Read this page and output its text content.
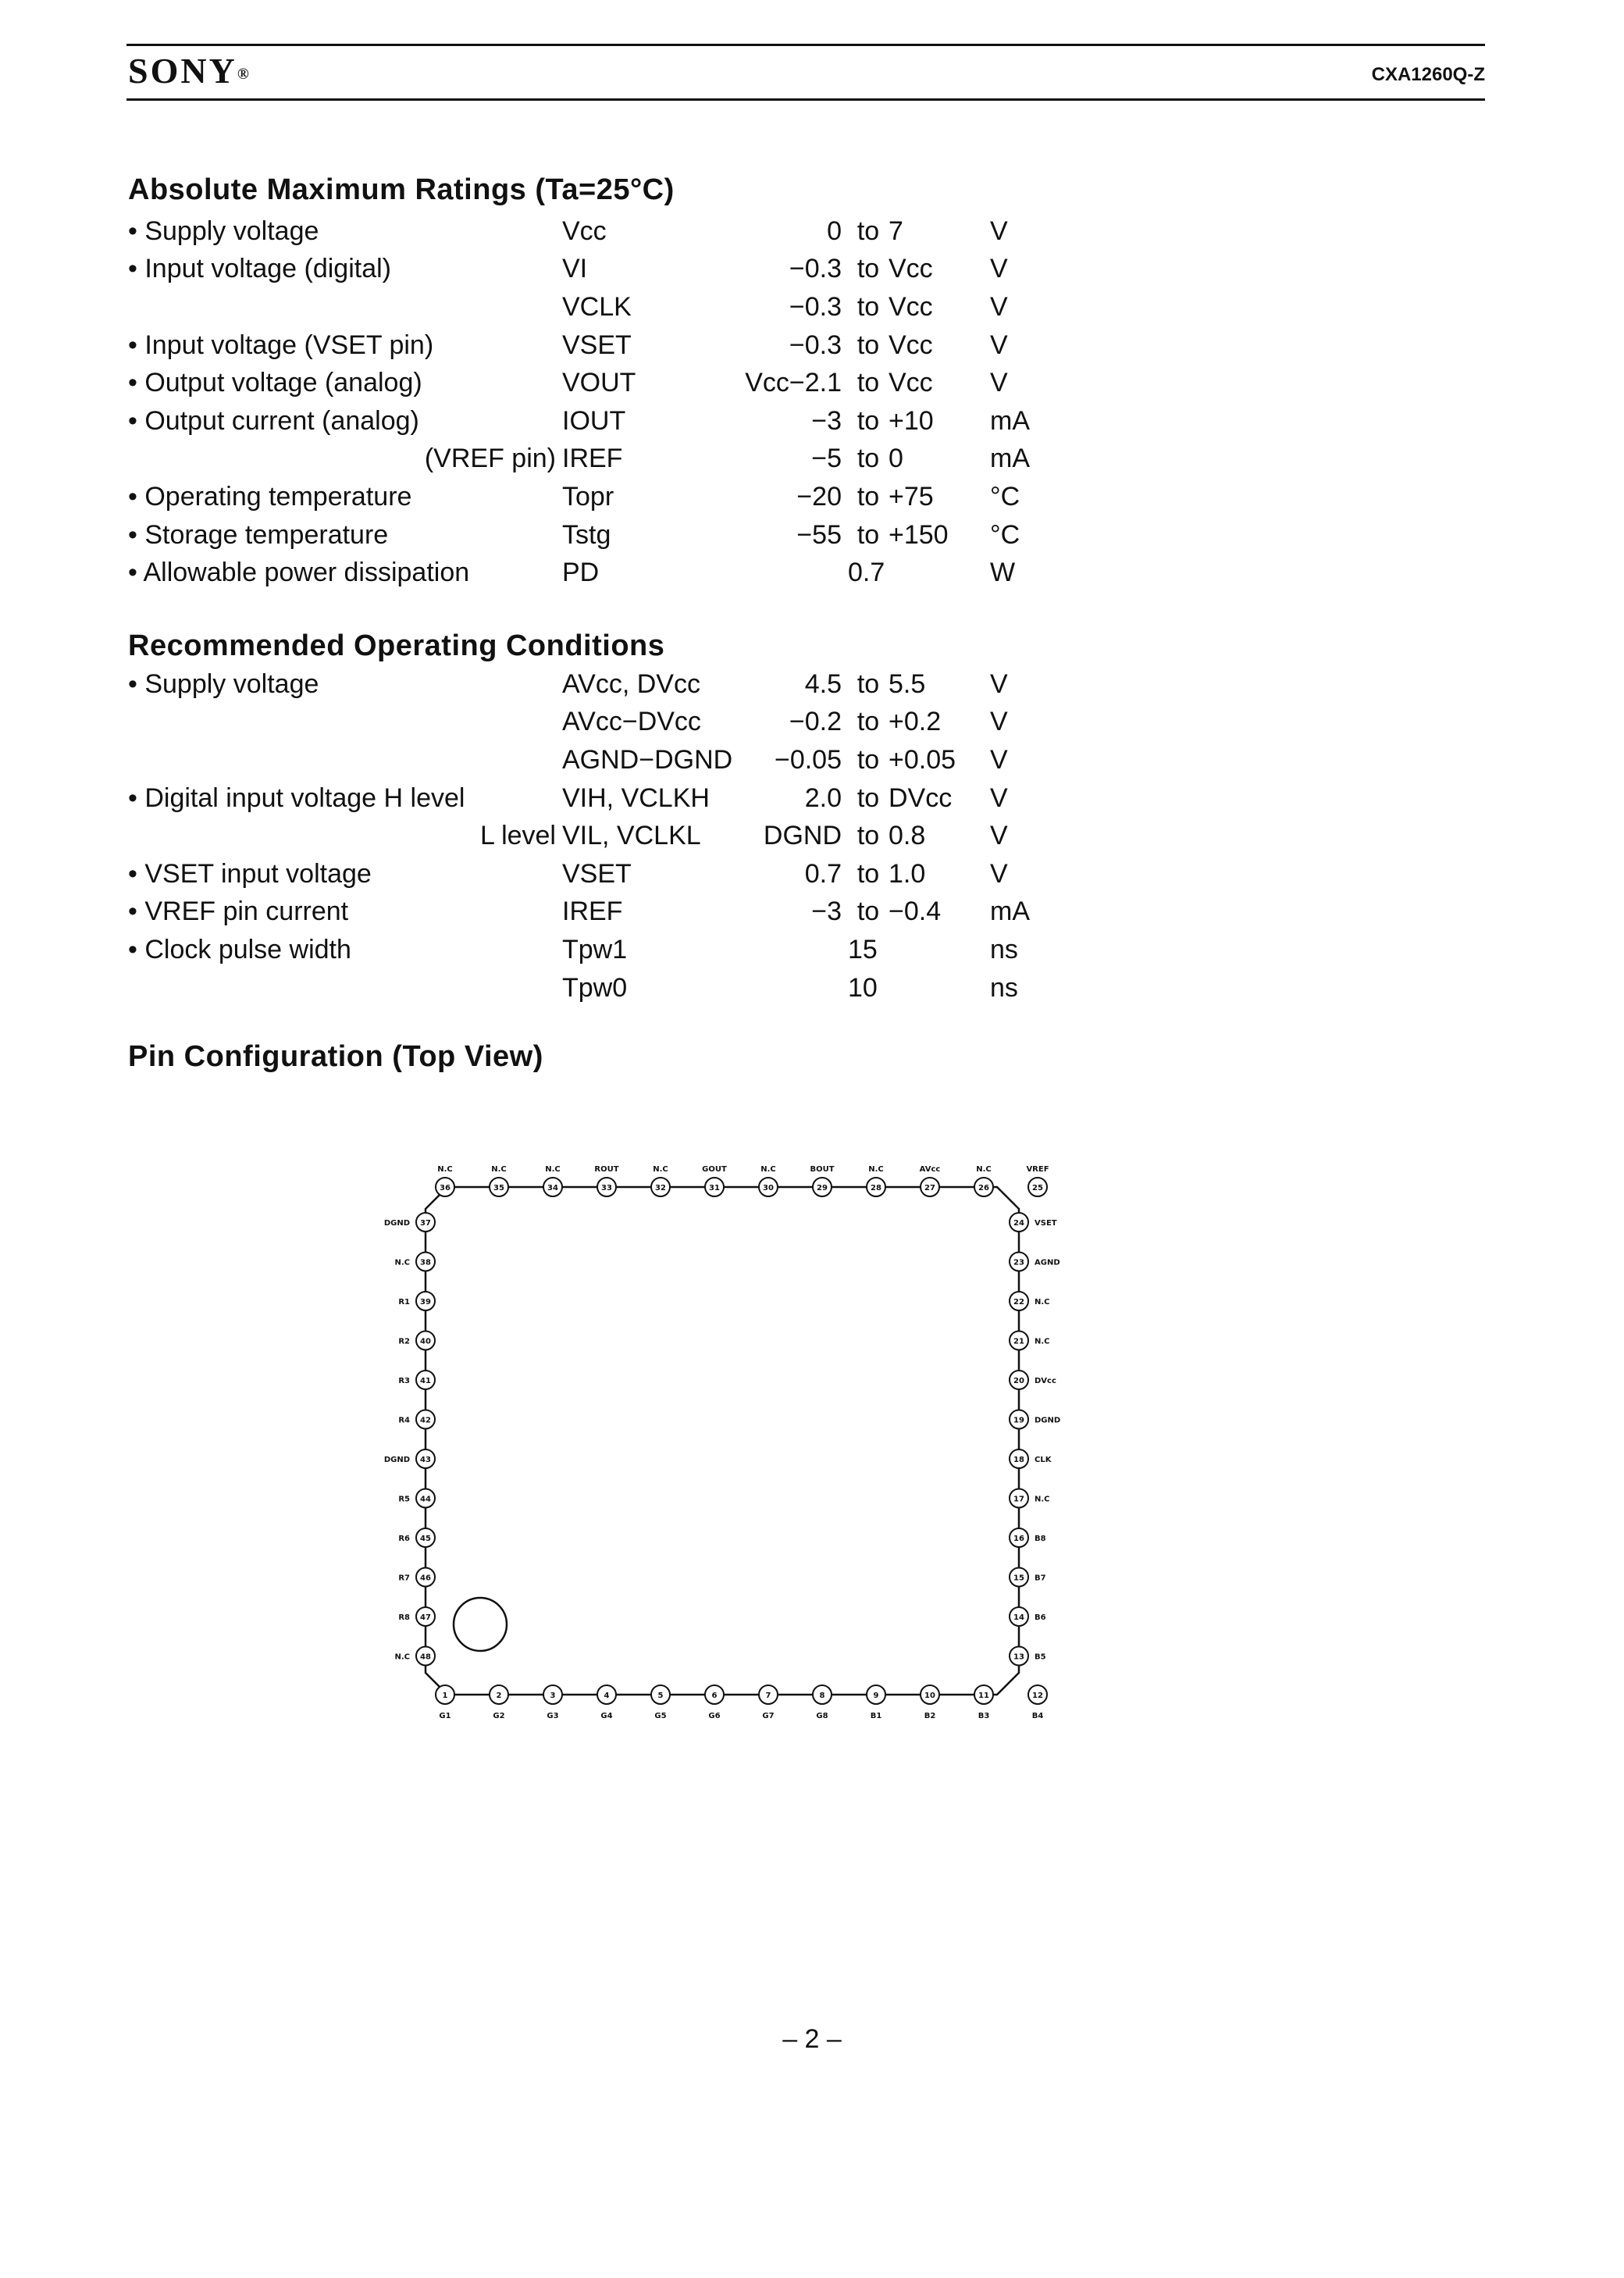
SONY®	CXA1260Q-Z
Absolute Maximum Ratings (Ta=25°C)
• Supply voltage	Vcc	0	to	7	V
• Input voltage (digital)	VI	−0.3	to	Vcc	V
	VCLK	−0.3	to	Vcc	V
• Input voltage (VSET pin)	VSET	−0.3	to	Vcc	V
• Output voltage (analog)	VOUT	Vcc−2.1	to	Vcc	V
• Output current (analog)	IOUT	−3	to	+10	mA
(VREF pin)	IREF	−5	to	0	mA
• Operating temperature	Topr	−20	to	+75	°C
• Storage temperature	Tstg	−55	to	+150	°C
• Allowable power dissipation	PD		0.7		W
Recommended Operating Conditions
• Supply voltage	AVcc, DVcc	4.5	to	5.5	V
	AVcc−DVcc	−0.2	to	+0.2	V
	AGND−DGND	−0.05	to	+0.05	V
• Digital input voltage H level	VIH, VCLKH	2.0	to	DVcc	V
L level	VIL, VCLKL	DGND	to	0.8	V
• VSET input voltage	VSET	0.7	to	1.0	V
• VREF pin current	IREF	−3	to	−0.4	mA
• Clock pulse width	Tpw1		15		ns
	Tpw0		10		ns
Pin Configuration (Top View)
36
N.C
35
N.C
34
N.C
33
ROUT
32
N.C
31
GOUT
30
N.C
29
BOUT
28
N.C
27
AVcc
26
N.C
25
VREF
1
G1
2
G2
3
G3
4
G4
5
G5
6
G6
7
G7
8
G8
9
B1
10
B2
11
B3
12
B4
37
DGND
38
N.C
39
R1
40
R2
41
R3
42
R4
43
DGND
44
R5
45
R6
46
R7
47
R8
48
N.C
24 VSET
23 AGND
22 N.C
21 N.C
20 DVcc
19 DGND
18 CLK
17 N.C
16 B8
15 B7
14 B6
13 B5
– 2 –
